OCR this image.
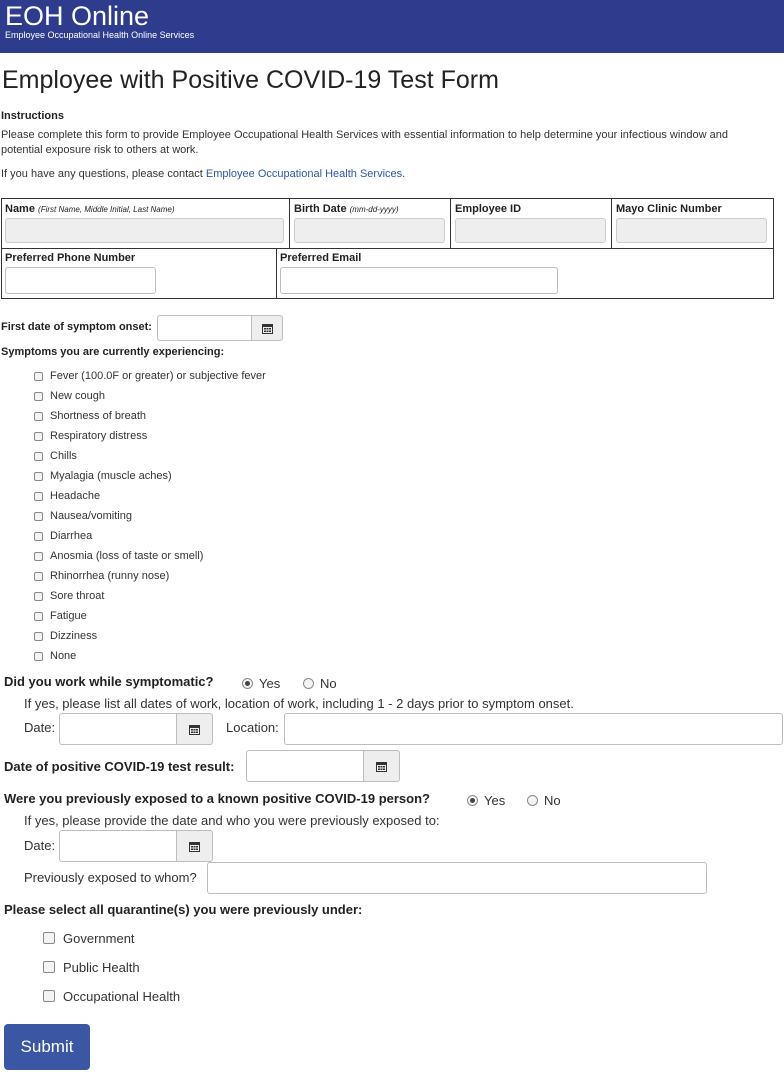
EOH Online
Employee Occupational Health Online Services
Employee with Positive COVID-19 Test Form
Instructions
Please complete this form to provide Employee Occupational Health Services with essential information to help determine your infectious window and potential exposure risk to others at work.
If you have any questions, please contact Employee Occupational Health Services.
Name (First Name, Middle Initial, Last Name)	Birth Date (mm-dd-yyyy)	Employee ID	Mayo Clinic Number
Preferred Phone Number	Preferred Email
First date of symptom onset:
Symptoms you are currently experiencing:
Fever (100.0F or greater) or subjective fever
New cough
Shortness of breath
Respiratory distress
Chills
Myalagia (muscle aches)
Headache
Nausea/vomiting
Diarrhea
Anosmia (loss of taste or smell)
Rhinorrhea (runny nose)
Sore throat
Fatigue
Dizziness
None
Did you work while symptomatic?	Yes	No
If yes, please list all dates of work, location of work, including 1 - 2 days prior to symptom onset.
Date:	Location:
Date of positive COVID-19 test result:
Were you previously exposed to a known positive COVID-19 person?	Yes	No
If yes, please provide the date and who you were previously exposed to:
Date:
Previously exposed to whom?
Please select all quarantine(s) you were previously under:
Government
Public Health
Occupational Health
Submit
